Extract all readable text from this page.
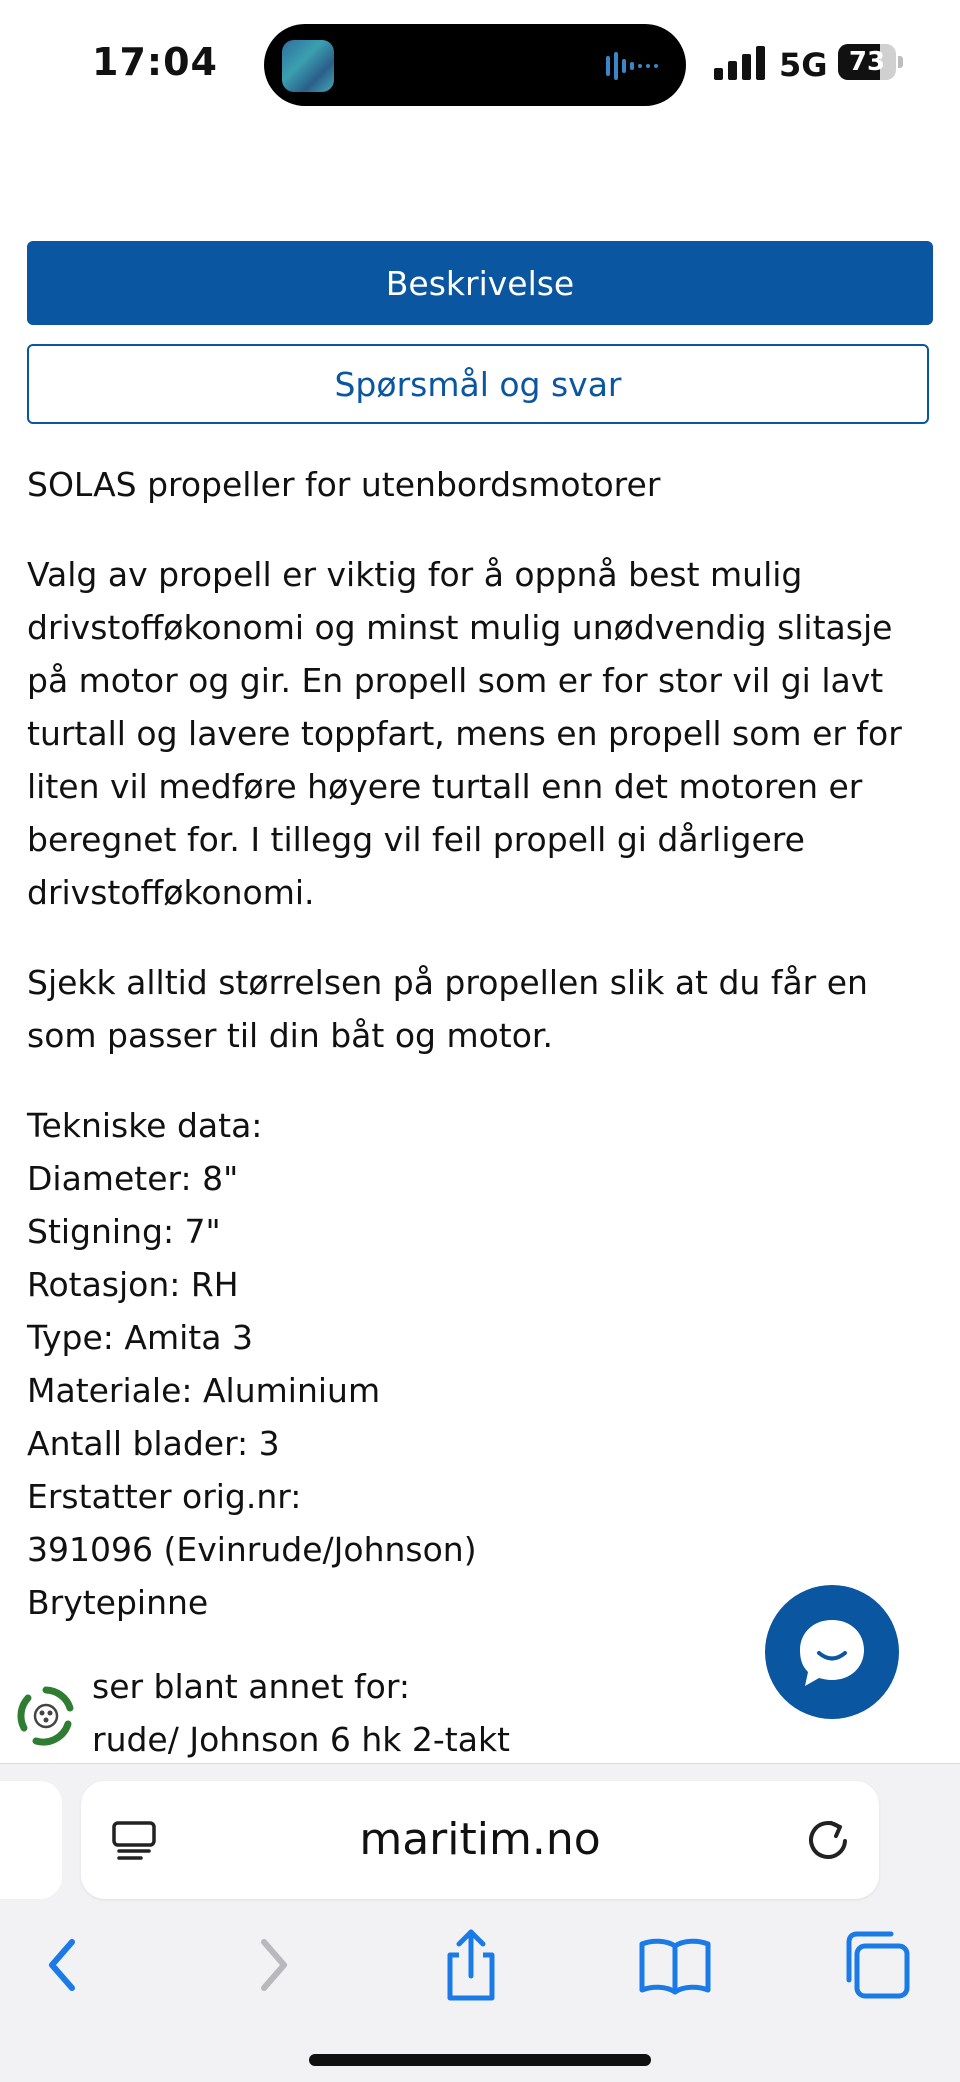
17:04	5G 73
Beskrivelse
Spørsmål og svar

SOLAS propeller for utenbordsmotorer

Valg av propell er viktig for å oppnå best mulig drivstofføkonomi og minst mulig unødvendig slitasje på motor og gir. En propell som er for stor vil gi lavt turtall og lavere toppfart, mens en propell som er for liten vil medføre høyere turtall enn det motoren er beregnet for. I tillegg vil feil propell gi dårligere drivstofføkonomi.

Sjekk alltid størrelsen på propellen slik at du får en som passer til din båt og motor.

Tekniske data:
Diameter: 8"
Stigning: 7"
Rotasjon: RH
Type: Amita 3
Materiale: Aluminium
Antall blader: 3
Erstatter orig.nr:
391096 (Evinrude/Johnson)
Brytepinne
ser blant annet for:
rude/ Johnson 6 hk 2-takt
maritim.no
